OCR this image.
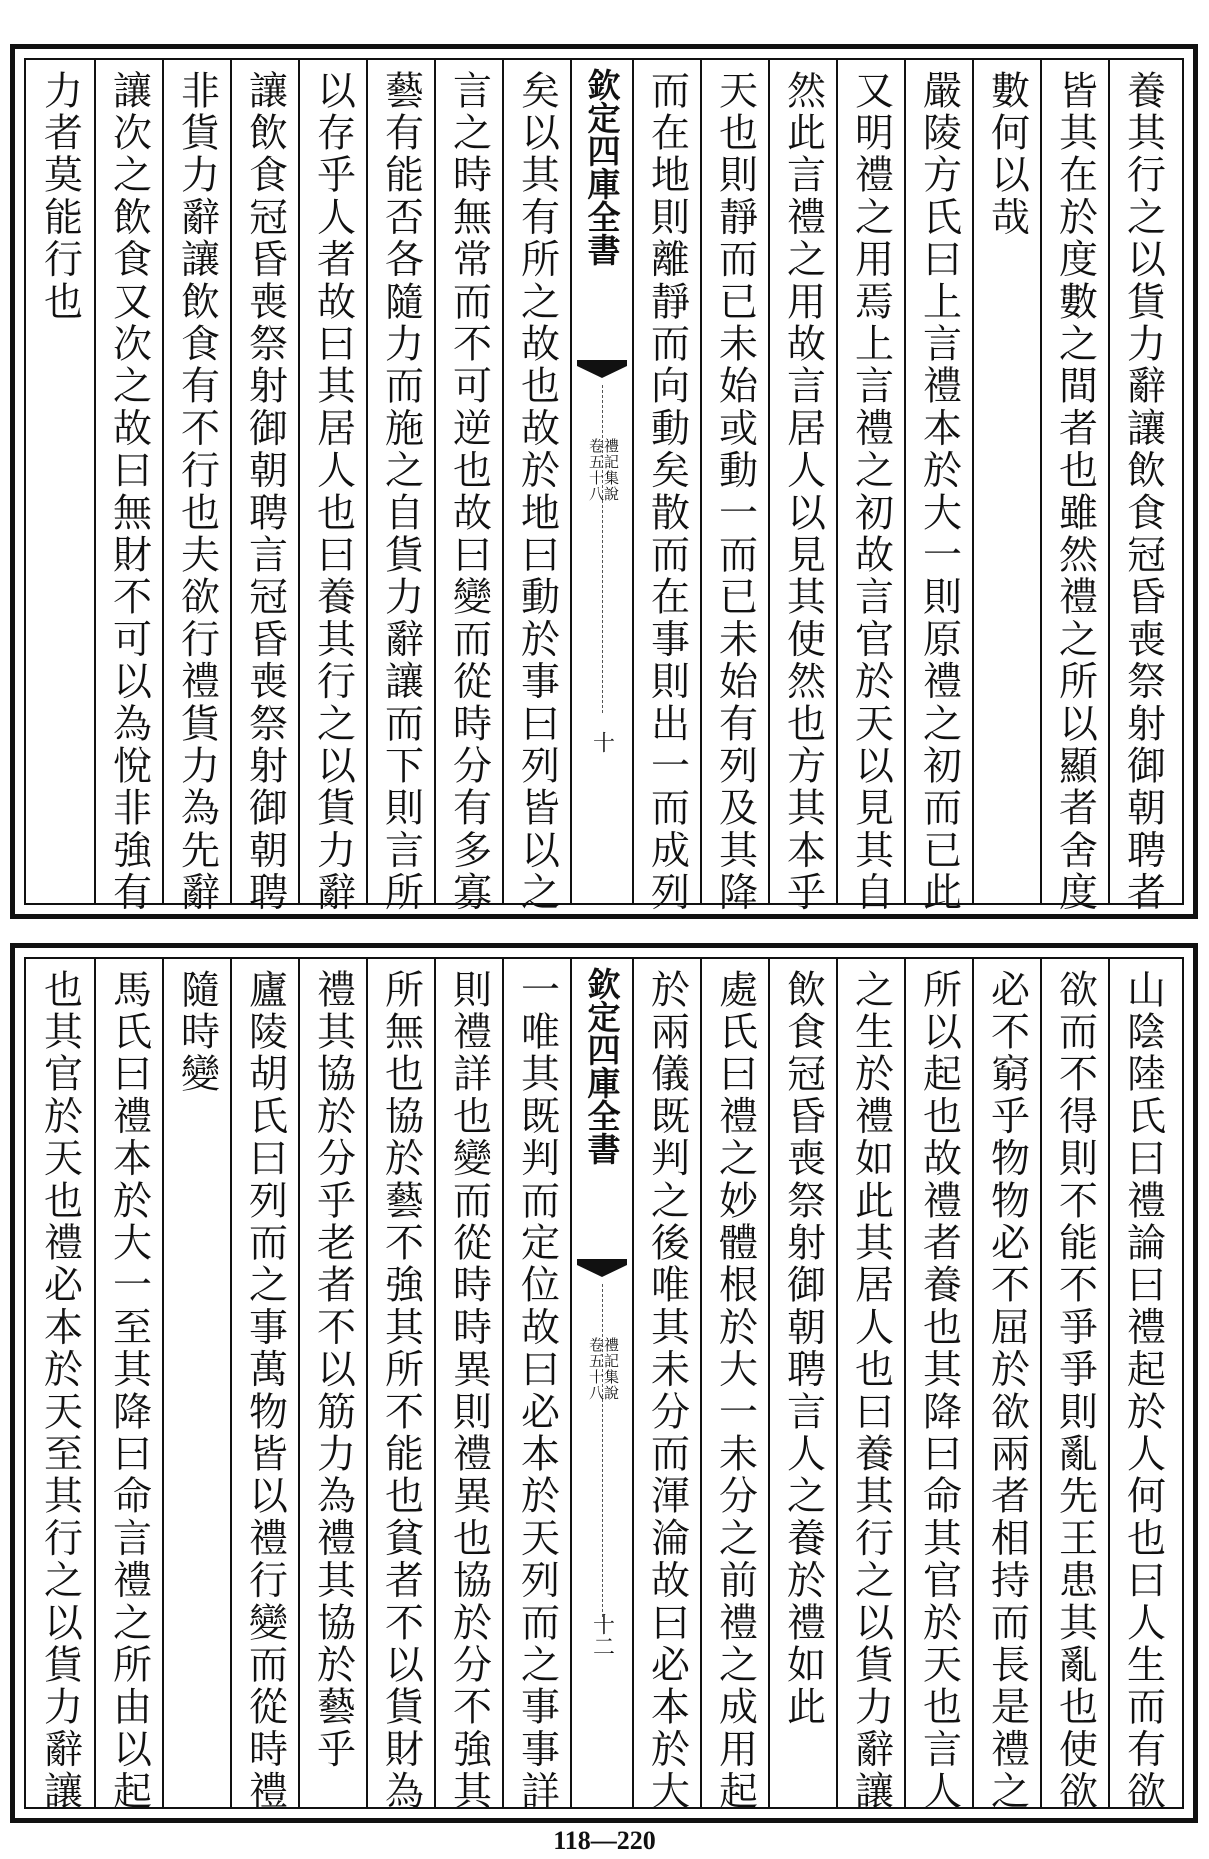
養其行之以貨力辭讓飲食冠昏喪祭射御朝聘者
皆其在於度數之間者也雖然禮之所以顯者舍度
數何以哉
嚴陵方氏曰上言禮本於大一則原禮之初而已此
又明禮之用焉上言禮之初故言官於天以見其自
然此言禮之用故言居人以見其使然也方其本乎
天也則靜而已未始或動一而已未始有列及其降
而在地則離靜而向動矣散而在事則出一而成列
欽定四庫全書
禮記集說
卷五十八
十
矣以其有所之故也故於地曰動於事曰列皆以之
言之時無常而不可逆也故曰變而從時分有多寡
藝有能否各隨力而施之自貨力辭讓而下則言所
以存乎人者故曰其居人也曰養其行之以貨力辭
讓飲食冠昏喪祭射御朝聘言冠昏喪祭射御朝聘
非貨力辭讓飲食有不行也夫欲行禮貨力為先辭
讓次之飲食又次之故曰無財不可以為悅非強有
力者莫能行也
山陰陸氏曰禮論曰禮起於人何也曰人生而有欲
欲而不得則不能不爭爭則亂先王患其亂也使欲
必不窮乎物物必不屈於欲兩者相持而長是禮之
所以起也故禮者養也其降曰命其官於天也言人
之生於禮如此其居人也曰養其行之以貨力辭讓
飲食冠昏喪祭射御朝聘言人之養於禮如此
處氏曰禮之妙體根於大一未分之前禮之成用起
於兩儀既判之後唯其未分而渾淪故曰必本於大
欽定四庫全書
禮記集說
卷五十八
十二
一唯其既判而定位故曰必本於天列而之事事詳
則禮詳也變而從時時異則禮異也協於分不強其
所無也協於藝不強其所不能也貧者不以貨財為
禮其協於分乎老者不以筋力為禮其協於藝乎
廬陵胡氏曰列而之事萬物皆以禮行變而從時禮
隨時變
馬氏曰禮本於大一至其降曰命言禮之所由以起
也其官於天也禮必本於天至其行之以貨力辭讓
118—220
